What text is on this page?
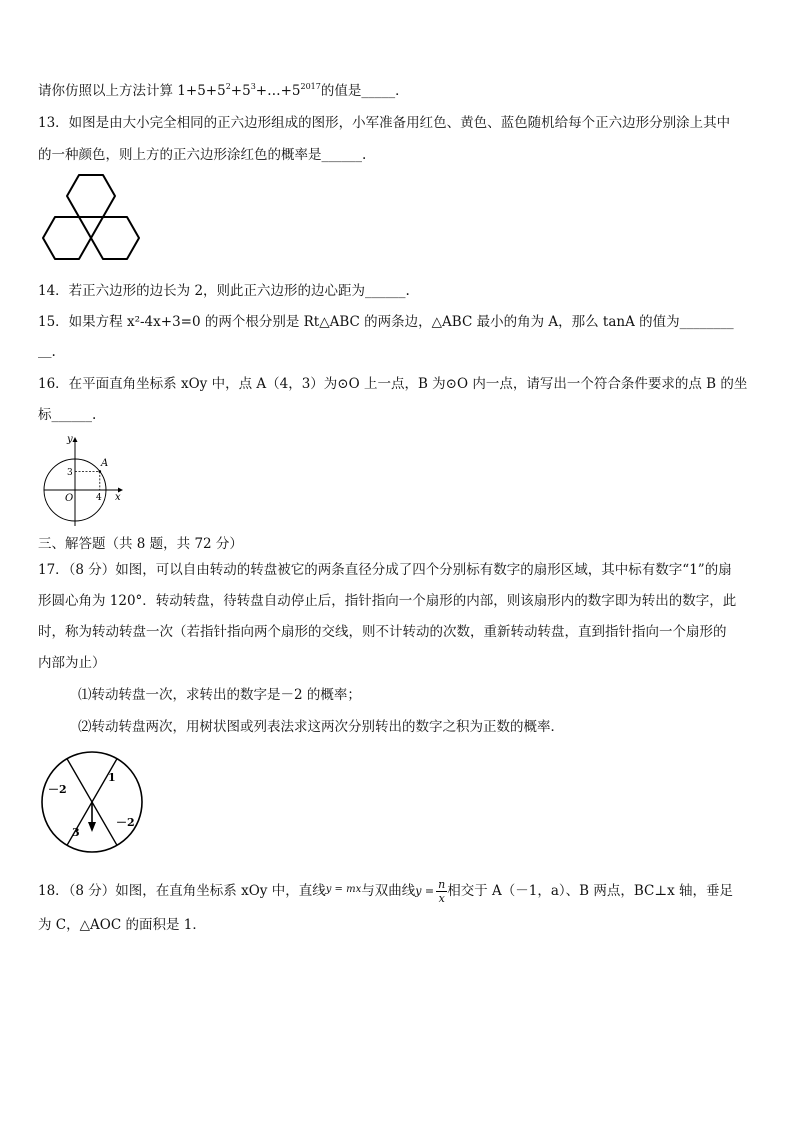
请你仿照以上方法计算 $1+5+5^2+5^3+\dots+5^{2017}$的值是_____．
13．如图是由大小完全相同的正六边形组成的图形，小军准备用红色、黄色、蓝色随机给每个正六边形分别涂上其中
的一种颜色，则上方的正六边形涂红色的概率是______.
14．若正六边形的边长为 2，则此正六边形的边心距为______.
15．如果方程 x²-4x+3=0 的两个根分别是 Rt△ABC 的两条边，△ABC 最小的角为 A，那么 tanA 的值为________
＿.
16．在平面直角坐标系 xOy 中，点 A（4，3）为⊙O 上一点，B 为⊙O 内一点，请写出一个符合条件要求的点 B 的坐
标______.
y
x
O
A
3
4
三、解答题（共 8 题，共 72 分）
17．（8 分）如图，可以自由转动的转盘被它的两条直径分成了四个分别标有数字的扇形区域，其中标有数字“1”的扇
形圆心角为 120°．转动转盘，待转盘自动停止后，指针指向一个扇形的内部，则该扇形内的数字即为转出的数字，此
时，称为转动转盘一次（若指针指向两个扇形的交线，则不计转动的次数，重新转动转盘，直到指针指向一个扇形的
内部为止）
⑴转动转盘一次，求转出的数字是－2 的概率；
⑵转动转盘两次，用树状图或列表法求这两次分别转出的数字之积为正数的概率．
1
－2
3
－2
18．（8 分）如图，在直角坐标系 xOy 中，直线$^{y = mx}$与双曲线$y = \frac{n}{x}$ 相交于 A（－1，a）、B 两点，BC⊥x 轴，垂足
为 C，△AOC 的面积是 1．
